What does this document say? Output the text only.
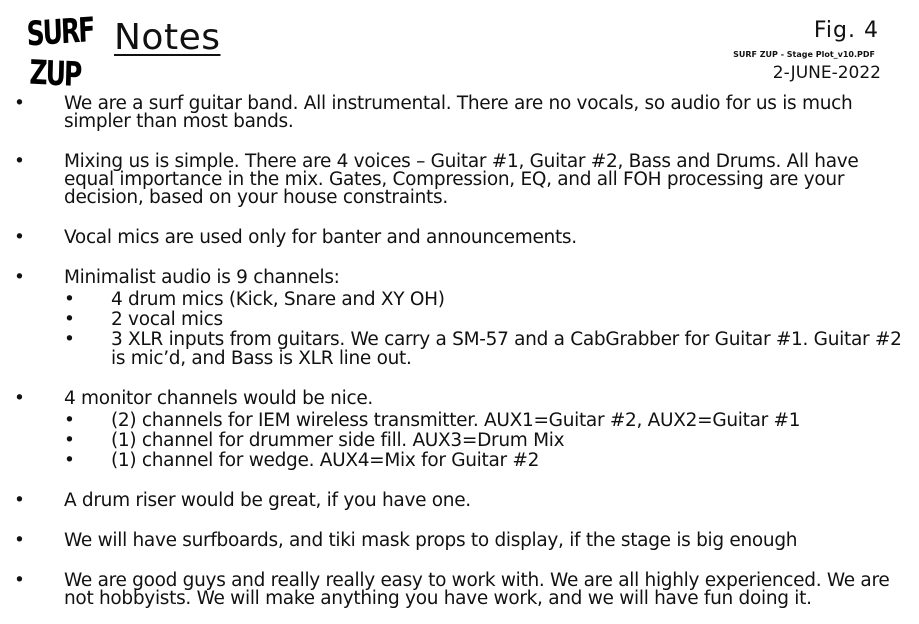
SURF
ZUP
Notes	Fig. 4
SURF ZUP - Stage Plot_v10.PDF
2-JUNE-2022
• We are a surf guitar band. All instrumental. There are no vocals, so audio for us is much simpler than most bands.
• Mixing us is simple. There are 4 voices – Guitar #1, Guitar #2, Bass and Drums. All have equal importance in the mix. Gates, Compression, EQ, and all FOH processing are your decision, based on your house constraints.
• Vocal mics are used only for banter and announcements.
• Minimalist audio is 9 channels:
• 4 drum mics (Kick, Snare and XY OH)
• 2 vocal mics
• 3 XLR inputs from guitars. We carry a SM-57 and a CabGrabber for Guitar #1. Guitar #2 is mic’d, and Bass is XLR line out.
• 4 monitor channels would be nice.
• (2) channels for IEM wireless transmitter. AUX1=Guitar #2, AUX2=Guitar #1
• (1) channel for drummer side fill. AUX3=Drum Mix
• (1) channel for wedge. AUX4=Mix for Guitar #2
• A drum riser would be great, if you have one.
• We will have surfboards, and tiki mask props to display, if the stage is big enough
• We are good guys and really really easy to work with. We are all highly experienced. We are not hobbyists. We will make anything you have work, and we will have fun doing it.
